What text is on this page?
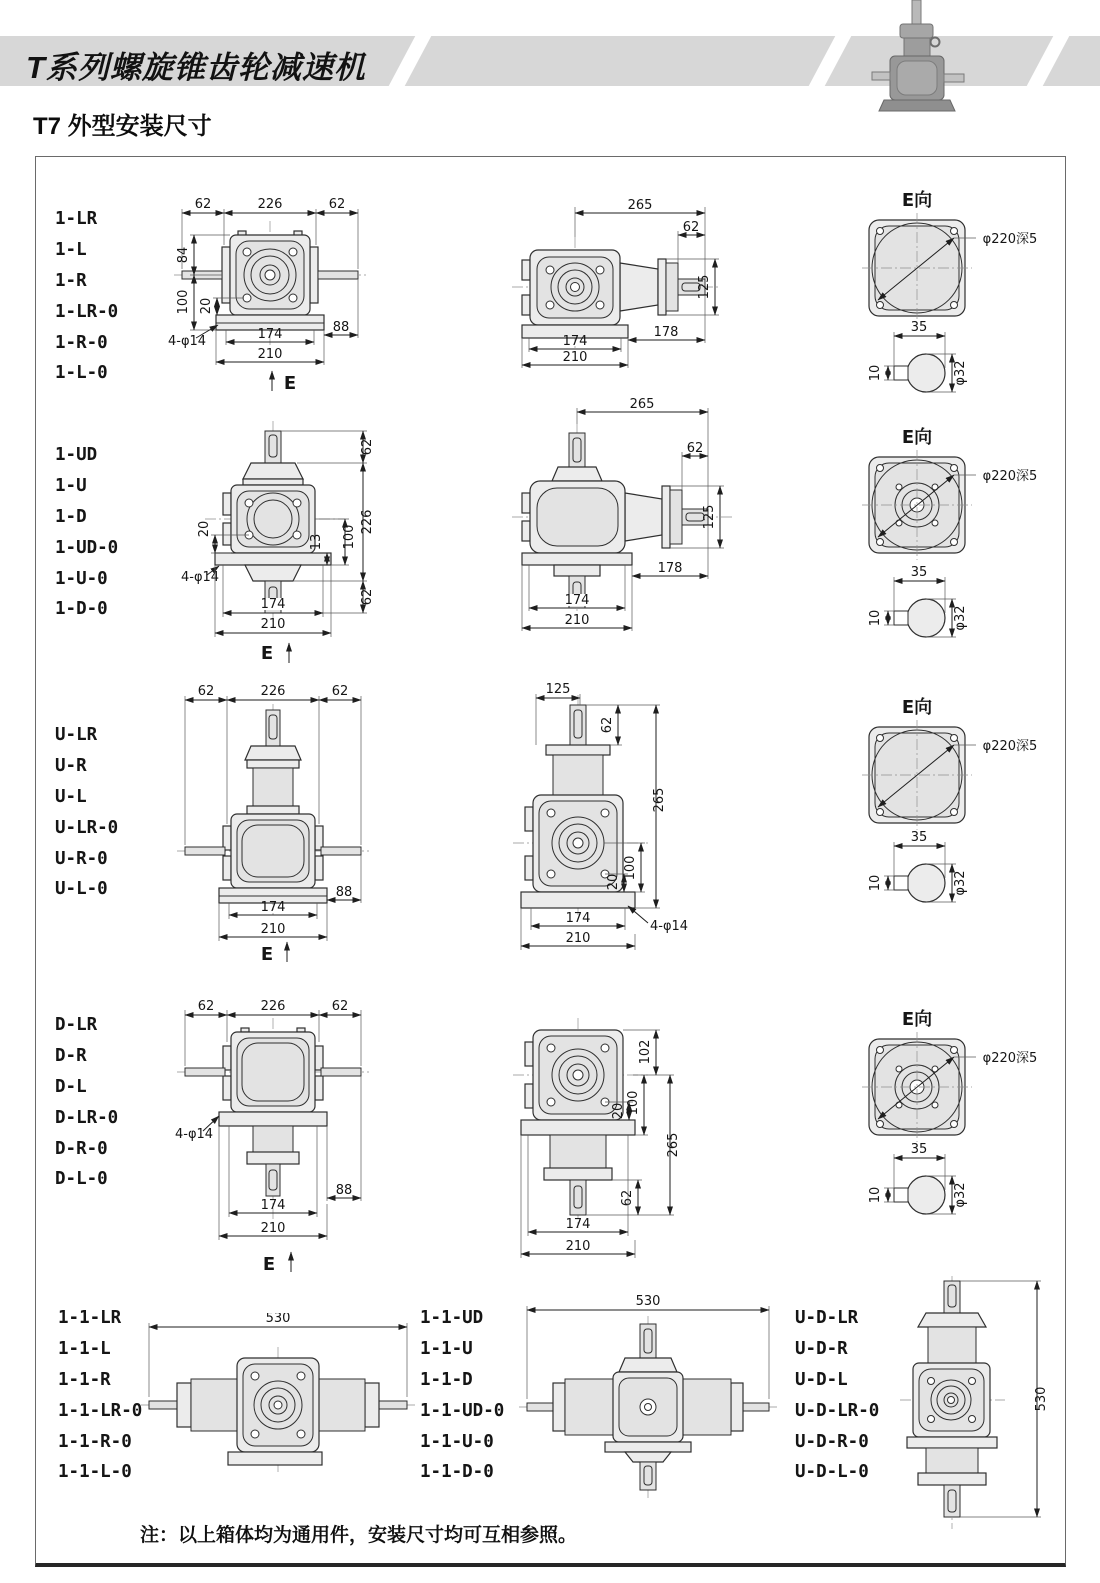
T系列螺旋锥齿轮减速机
T7 外型安装尺寸
1-LR
1-L
1-R
1-LR-0
1-R-0
1-L-0
1-UD
1-U
1-D
1-UD-0
1-U-0
1-D-0
U-LR
U-R
U-L
U-LR-0
U-R-0
U-L-0
D-LR
D-R
D-L
D-LR-0
D-R-0
D-L-0
1-1-LR
1-1-L
1-1-R
1-1-LR-0
1-1-R-0
1-1-L-0
1-1-UD
1-1-U
1-1-D
1-1-UD-0
1-1-U-0
1-1-D-0
U-D-LR
U-D-R
U-D-L
U-D-LR-0
U-D-R-0
U-D-L-0
62	226	62
84
100 20
174
210
88
4-φ14
E
265
62
125
178
174
210
E向
φ220深5
35
10	φ32
62
226
62
20
13 100
4-φ14
174
210
E
265
62
125
178
174
210
E向
φ220深5
35
10	φ32
62	226	62
88
174
210
E
125
62
265
20
100
4-φ14
174
210
E向
φ220深5
35
10	φ32
62	226	62
4-φ14
88
174
210
E
102
20 100
265
62
174
210
E向
φ220深5
35
10	φ32
530
530
530
注：以上箱体均为通用件，安装尺寸均可互相参照。
